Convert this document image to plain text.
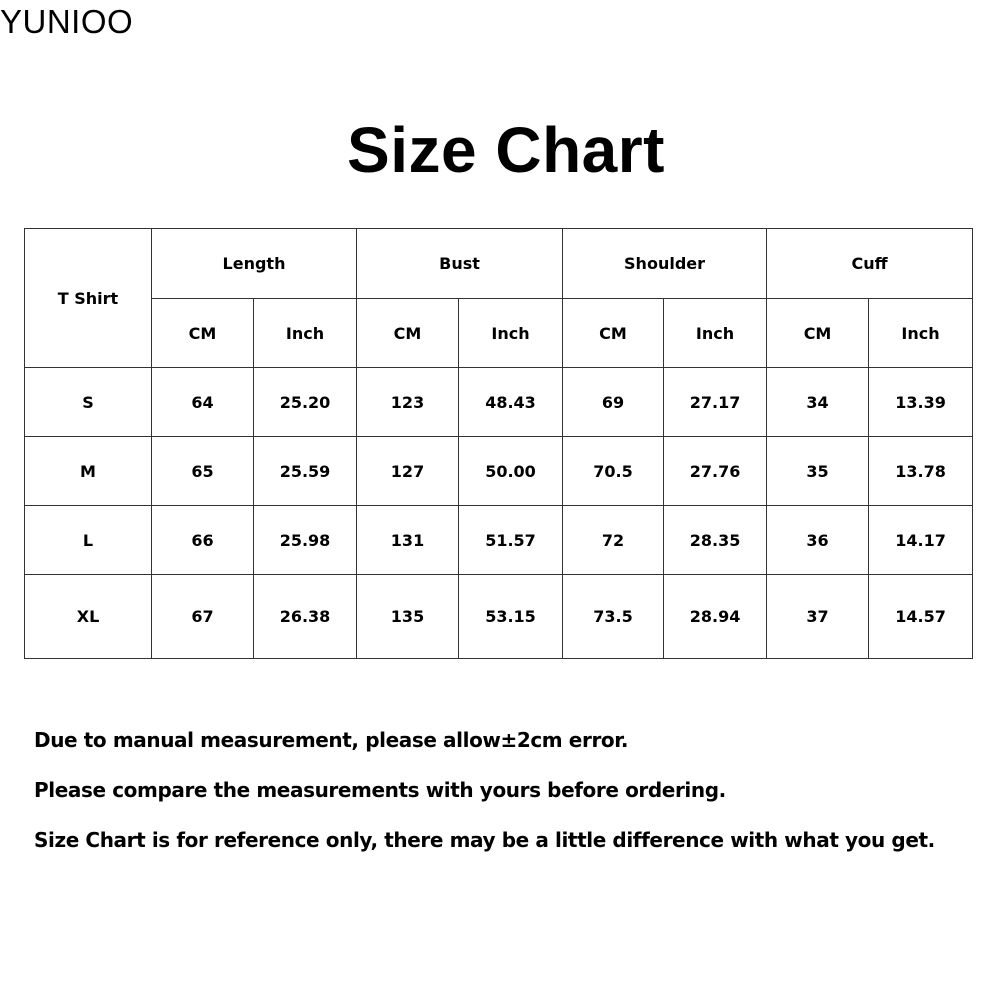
YUNIOO
Size Chart
T Shirt	Length		Bust		Shoulder		Cuff	
	CM	Inch	CM	Inch	CM	Inch	CM	Inch
S	64	25.20	123	48.43	69	27.17	34	13.39
M	65	25.59	127	50.00	70.5	27.76	35	13.78
L	66	25.98	131	51.57	72	28.35	36	14.17
XL	67	26.38	135	53.15	73.5	28.94	37	14.57
Due to manual measurement, please allow±2cm error.
Please compare the measurements with yours before ordering.
Size Chart is for reference only, there may be a little difference with what you get.
